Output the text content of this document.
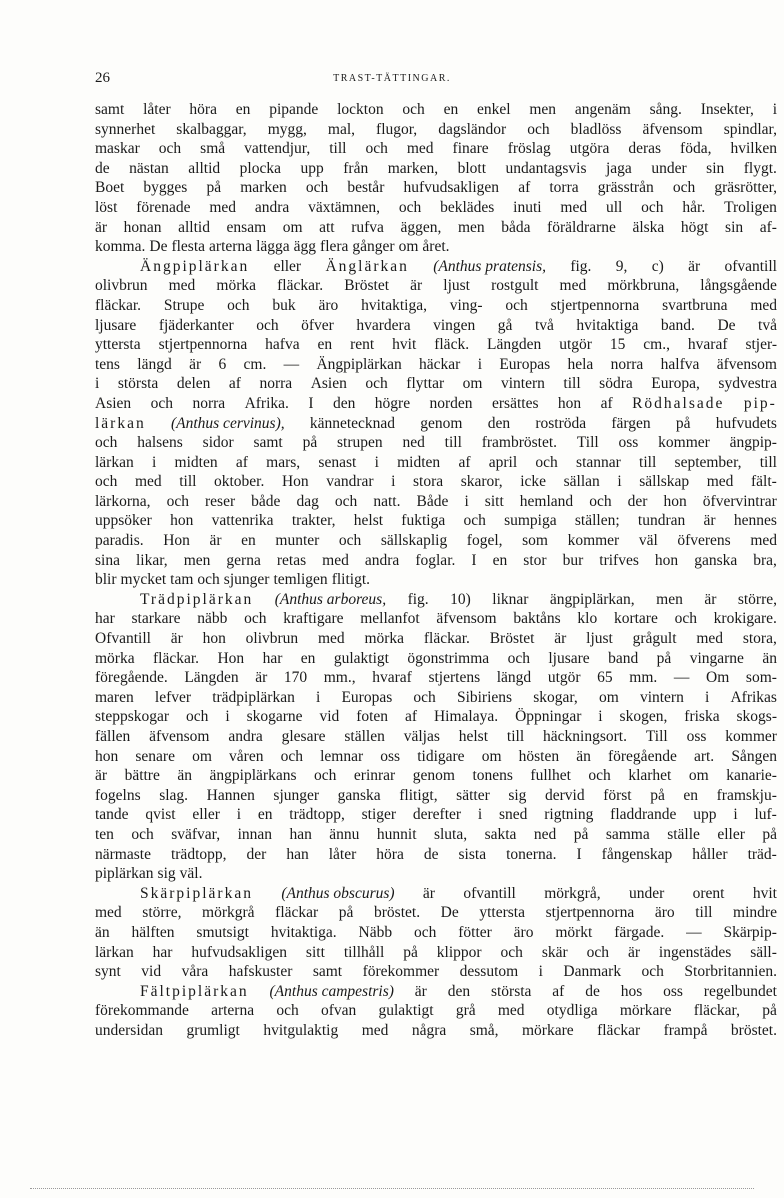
26	TRAST-TÄTTINGAR.
samt låter höra en pipande lockton och en enkel men angenäm sång. Insekter, i
synnerhet skalbaggar, mygg, mal, flugor, dagsländor och bladlöss äfvensom spindlar,
maskar och små vattendjur, till och med finare fröslag utgöra deras föda, hvilken
de nästan alltid plocka upp från marken, blott undantagsvis jaga under sin flygt.
Boet bygges på marken och består hufvudsakligen af torra grässtrån och gräsrötter,
löst förenade med andra växtämnen, och beklädes inuti med ull och hår. Troligen
är honan alltid ensam om att rufva äggen, men båda föräldrarne älska högt sin af-
komma. De flesta arterna lägga ägg flera gånger om året.
Ängpiplärkan eller Änglärkan (Anthus pratensis, fig. 9, c) är ofvantill
olivbrun med mörka fläckar. Bröstet är ljust rostgult med mörkbruna, långsgående
fläckar. Strupe och buk äro hvitaktiga, ving- och stjertpennorna svartbruna med
ljusare fjäderkanter och öfver hvardera vingen gå två hvitaktiga band. De två
yttersta stjertpennorna hafva en rent hvit fläck. Längden utgör 15 cm., hvaraf stjer-
tens längd är 6 cm. — Ängpiplärkan häckar i Europas hela norra halfva äfvensom
i största delen af norra Asien och flyttar om vintern till södra Europa, sydvestra
Asien och norra Afrika. I den högre norden ersättes hon af Rödhalsade pip-
lärkan (Anthus cervinus), kännetecknad genom den roströda färgen på hufvudets
och halsens sidor samt på strupen ned till frambröstet. Till oss kommer ängpip-
lärkan i midten af mars, senast i midten af april och stannar till september, till
och med till oktober. Hon vandrar i stora skaror, icke sällan i sällskap med fält-
lärkorna, och reser både dag och natt. Både i sitt hemland och der hon öfvervintrar
uppsöker hon vattenrika trakter, helst fuktiga och sumpiga ställen; tundran är hennes
paradis. Hon är en munter och sällskaplig fogel, som kommer väl öfverens med
sina likar, men gerna retas med andra foglar. I en stor bur trifves hon ganska bra,
blir mycket tam och sjunger temligen flitigt.
Trädpiplärkan (Anthus arboreus, fig. 10) liknar ängpiplärkan, men är större,
har starkare näbb och kraftigare mellanfot äfvensom baktåns klo kortare och krokigare.
Ofvantill är hon olivbrun med mörka fläckar. Bröstet är ljust grågult med stora,
mörka fläckar. Hon har en gulaktigt ögonstrimma och ljusare band på vingarne än
föregående. Längden är 170 mm., hvaraf stjertens längd utgör 65 mm. — Om som-
maren lefver trädpiplärkan i Europas och Sibiriens skogar, om vintern i Afrikas
steppskogar och i skogarne vid foten af Himalaya. Öppningar i skogen, friska skogs-
fällen äfvensom andra glesare ställen väljas helst till häckningsort. Till oss kommer
hon senare om våren och lemnar oss tidigare om hösten än föregående art. Sången
är bättre än ängpiplärkans och erinrar genom tonens fullhet och klarhet om kanarie-
fogelns slag. Hannen sjunger ganska flitigt, sätter sig dervid först på en framskju-
tande qvist eller i en trädtopp, stiger derefter i sned rigtning fladdrande upp i luf-
ten och sväfvar, innan han ännu hunnit sluta, sakta ned på samma ställe eller på
närmaste trädtopp, der han låter höra de sista tonerna. I fångenskap håller träd-
piplärkan sig väl.
Skärpiplärkan (Anthus obscurus) är ofvantill mörkgrå, under orent hvit
med större, mörkgrå fläckar på bröstet. De yttersta stjertpennorna äro till mindre
än hälften smutsigt hvitaktiga. Näbb och fötter äro mörkt färgade. — Skärpip-
lärkan har hufvudsakligen sitt tillhåll på klippor och skär och är ingenstädes säll-
synt vid våra hafskuster samt förekommer dessutom i Danmark och Storbritannien.
Fältpiplärkan (Anthus campestris) är den största af de hos oss regelbundet
förekommande arterna och ofvan gulaktigt grå med otydliga mörkare fläckar, på
undersidan grumligt hvitgulaktig med några små, mörkare fläckar frampå bröstet.
